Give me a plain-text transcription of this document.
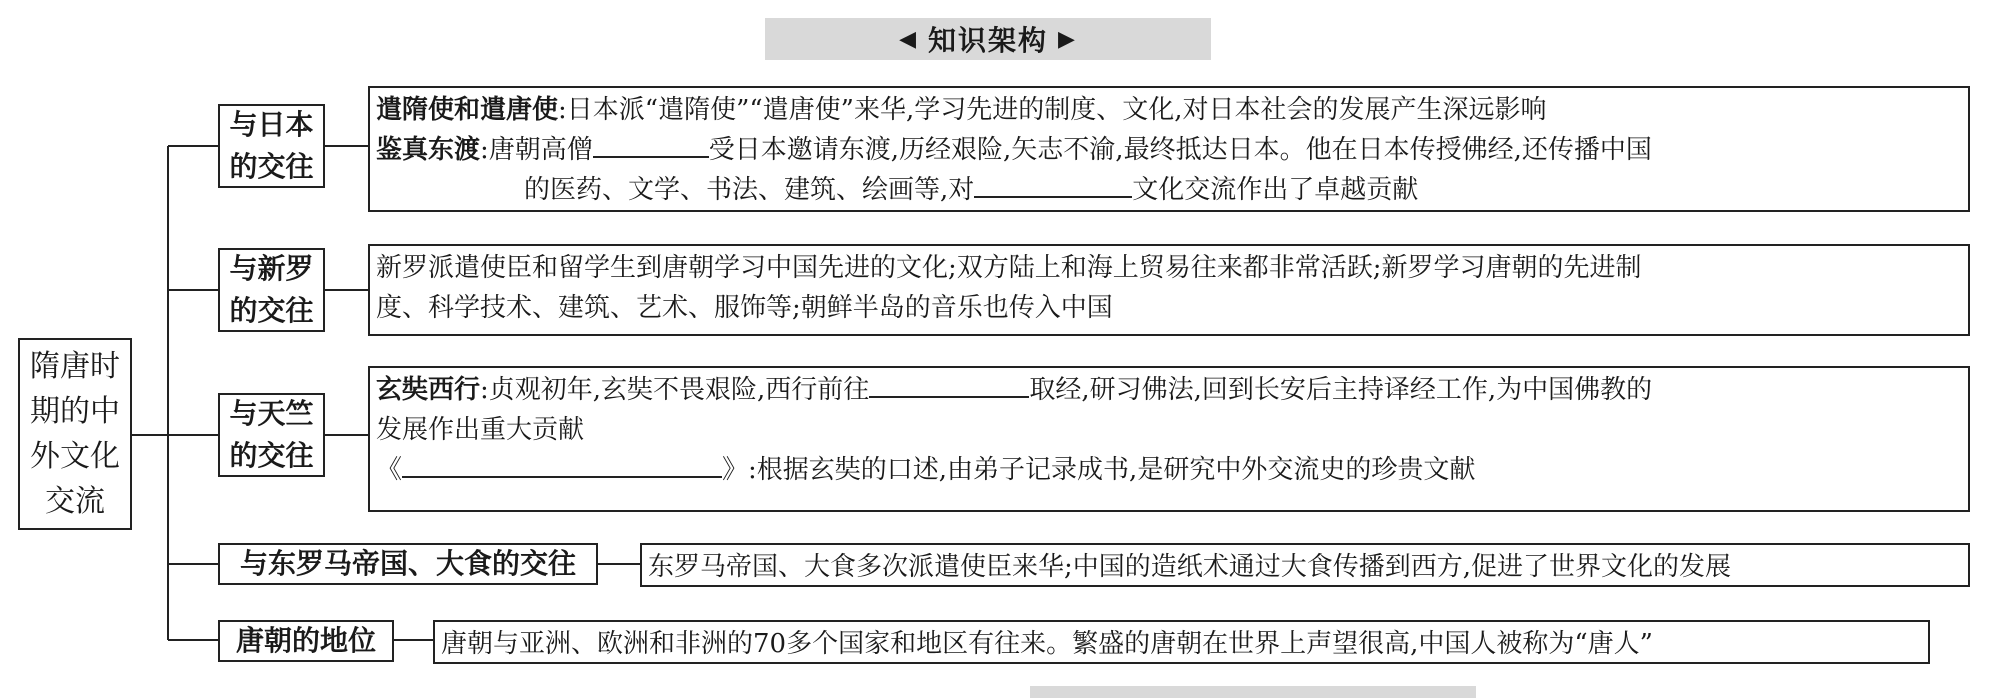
◀ 知识架构 ▶
隋唐时
期的中
外文化
交流
与日本
的交往
遣隋使和遣唐使:日本派“遣隋使”“遣唐使”来华,学习先进的制度、文化,对日本社会的发展产生深远影响
鉴真东渡:唐朝高僧	受日本邀请东渡,历经艰险,矢志不渝,最终抵达日本。他在日本传授佛经,还传播中国
的医药、文学、书法、建筑、绘画等,对	文化交流作出了卓越贡献
与新罗
的交往
新罗派遣使臣和留学生到唐朝学习中国先进的文化;双方陆上和海上贸易往来都非常活跃;新罗学习唐朝的先进制
度、科学技术、建筑、艺术、服饰等;朝鲜半岛的音乐也传入中国
与天竺
的交往
玄奘西行:贞观初年,玄奘不畏艰险,西行前往	取经,研习佛法,回到长安后主持译经工作,为中国佛教的
发展作出重大贡献
《	》:根据玄奘的口述,由弟子记录成书,是研究中外交流史的珍贵文献
与东罗马帝国、大食的交往	东罗马帝国、大食多次派遣使臣来华;中国的造纸术通过大食传播到西方,促进了世界文化的发展
唐朝的地位	唐朝与亚洲、欧洲和非洲的70多个国家和地区有往来。繁盛的唐朝在世界上声望很高,中国人被称为“唐人”
